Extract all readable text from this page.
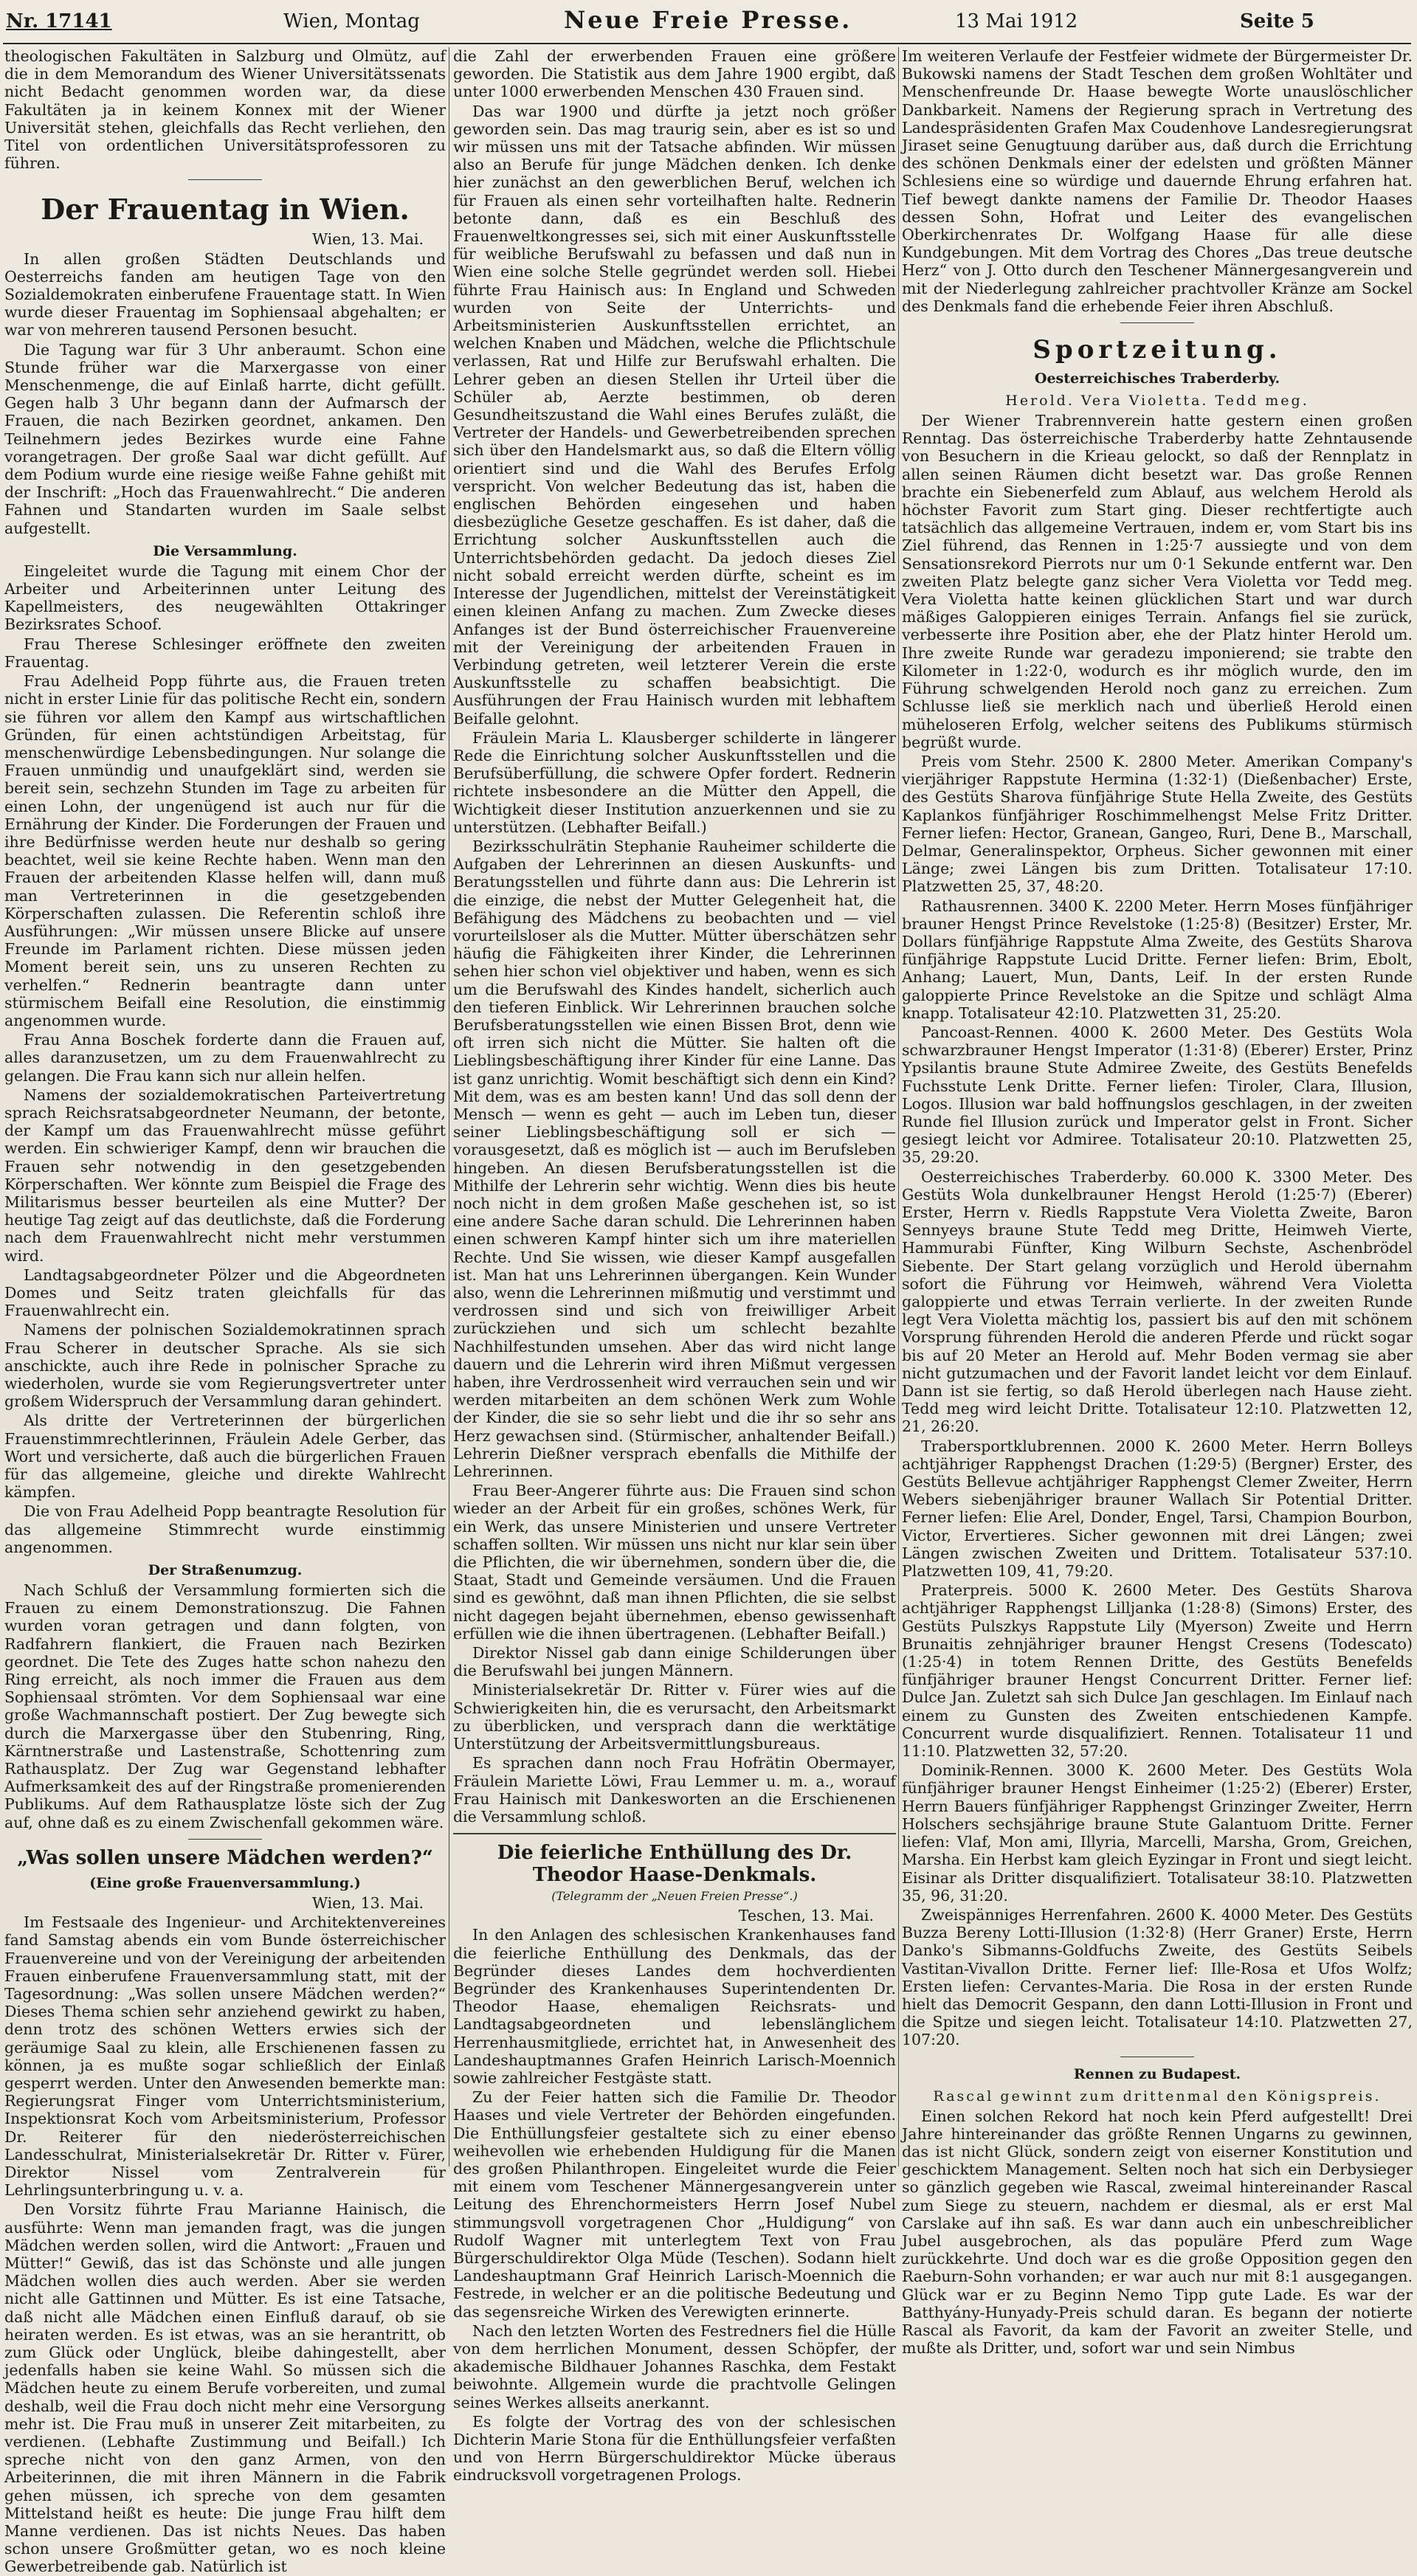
Nr. 17141	Wien, Montag	Neue Freie Presse.	13 Mai 1912	Seite 5

theologischen Fakultäten in Salzburg und Olmütz, auf die in dem Memorandum des Wiener Universitätssenats nicht Bedacht genommen worden war, da diese Fakultäten ja in keinem Konnex mit der Wiener Universität stehen, gleichfalls das Recht verliehen, den Titel von ordentlichen Universitätsprofessoren zu führen.

Der Frauentag in Wien.

Wien, 13. Mai.

In allen großen Städten Deutschlands und Oesterreichs fanden am heutigen Tage von den Sozialdemokraten einberufene Frauentage statt. In Wien wurde dieser Frauentag im Sophiensaal abgehalten; er war von mehreren tausend Personen besucht.

Die Tagung war für 3 Uhr anberaumt. Schon eine Stunde früher war die Marxergasse von einer Menschenmenge, die auf Einlaß harrte, dicht gefüllt. Gegen halb 3 Uhr begann dann der Aufmarsch der Frauen, die nach Bezirken geordnet, ankamen. Den Teilnehmern jedes Bezirkes wurde eine Fahne vorangetragen. Der große Saal war dicht gefüllt. Auf dem Podium wurde eine riesige weiße Fahne gehißt mit der Inschrift: „Hoch das Frauenwahlrecht.“ Die anderen Fahnen und Standarten wurden im Saale selbst aufgestellt.

Die Versammlung.

Eingeleitet wurde die Tagung mit einem Chor der Arbeiter und Arbeiterinnen unter Leitung des Kapellmeisters, des neugewählten Ottakringer Bezirksrates Schoof.

Frau Therese Schlesinger eröffnete den zweiten Frauentag.

Frau Adelheid Popp führte aus, die Frauen treten nicht in erster Linie für das politische Recht ein, sondern sie führen vor allem den Kampf aus wirtschaftlichen Gründen, für einen achtstündigen Arbeitstag, für menschenwürdige Lebensbedingungen. Nur solange die Frauen unmündig und unaufgeklärt sind, werden sie bereit sein, sechzehn Stunden im Tage zu arbeiten für einen Lohn, der ungenügend ist auch nur für die Ernährung der Kinder. Die Forderungen der Frauen und ihre Bedürfnisse werden heute nur deshalb so gering beachtet, weil sie keine Rechte haben. Wenn man den Frauen der arbeitenden Klasse helfen will, dann muß man Vertreterinnen in die gesetzgebenden Körperschaften zulassen. Die Referentin schloß ihre Ausführungen: „Wir müssen unsere Blicke auf unsere Freunde im Parlament richten. Diese müssen jeden Moment bereit sein, uns zu unseren Rechten zu verhelfen.“ Rednerin beantragte dann unter stürmischem Beifall eine Resolution, die einstimmig angenommen wurde.

Frau Anna Boschek forderte dann die Frauen auf, alles daranzusetzen, um zu dem Frauenwahlrecht zu gelangen. Die Frau kann sich nur allein helfen.

Namens der sozialdemokratischen Parteivertretung sprach Reichsratsabgeordneter Neumann, der betonte, der Kampf um das Frauenwahlrecht müsse geführt werden. Ein schwieriger Kampf, denn wir brauchen die Frauen sehr notwendig in den gesetzgebenden Körperschaften. Wer könnte zum Beispiel die Frage des Militarismus besser beurteilen als eine Mutter? Der heutige Tag zeigt auf das deutlichste, daß die Forderung nach dem Frauenwahlrecht nicht mehr verstummen wird.

Landtagsabgeordneter Pölzer und die Abgeordneten Domes und Seitz traten gleichfalls für das Frauenwahlrecht ein.

Namens der polnischen Sozialdemokratinnen sprach Frau Scherer in deutscher Sprache. Als sie sich anschickte, auch ihre Rede in polnischer Sprache zu wiederholen, wurde sie vom Regierungsvertreter unter großem Widerspruch der Versammlung daran gehindert.

Als dritte der Vertreterinnen der bürgerlichen Frauenstimmrechtlerinnen, Fräulein Adele Gerber, das Wort und versicherte, daß auch die bürgerlichen Frauen für das allgemeine, gleiche und direkte Wahlrecht kämpfen.

Die von Frau Adelheid Popp beantragte Resolution für das allgemeine Stimmrecht wurde einstimmig angenommen.

Der Straßenumzug.

Nach Schluß der Versammlung formierten sich die Frauen zu einem Demonstrationszug. Die Fahnen wurden voran getragen und dann folgten, von Radfahrern flankiert, die Frauen nach Bezirken geordnet. Die Tete des Zuges hatte schon nahezu den Ring erreicht, als noch immer die Frauen aus dem Sophiensaal strömten. Vor dem Sophiensaal war eine große Wachmannschaft postiert. Der Zug bewegte sich durch die Marxergasse über den Stubenring, Ring, Kärntnerstraße und Lastenstraße, Schottenring zum Rathausplatz. Der Zug war Gegenstand lebhafter Aufmerksamkeit des auf der Ringstraße promenierenden Publikums. Auf dem Rathausplatze löste sich der Zug auf, ohne daß es zu einem Zwischenfall gekommen wäre.

„Was sollen unsere Mädchen werden?“
(Eine große Frauenversammlung.)

Wien, 13. Mai.

Im Festsaale des Ingenieur- und Architektenvereines fand Samstag abends ein vom Bunde österreichischer Frauenvereine und von der Vereinigung der arbeitenden Frauen einberufene Frauenversammlung statt, mit der Tagesordnung: „Was sollen unsere Mädchen werden?“ Dieses Thema schien sehr anziehend gewirkt zu haben, denn trotz des schönen Wetters erwies sich der geräumige Saal zu klein, alle Erschienenen fassen zu können, ja es mußte sogar schließlich der Einlaß gesperrt werden. Unter den Anwesenden bemerkte man: Regierungsrat Finger vom Unterrichtsministerium, Inspektionsrat Koch vom Arbeitsministerium, Professor Dr. Reiterer für den niederösterreichischen Landesschulrat, Ministerialsekretär Dr. Ritter v. Fürer, Direktor Nissel vom Zentralverein für Lehrlingsunterbringung u. v. a.

Den Vorsitz führte Frau Marianne Hainisch, die ausführte: Wenn man jemanden fragt, was die jungen Mädchen werden sollen, wird die Antwort: „Frauen und Mütter!“ Gewiß, das ist das Schönste und alle jungen Mädchen wollen dies auch werden. Aber sie werden nicht alle Gattinnen und Mütter. Es ist eine Tatsache, daß nicht alle Mädchen einen Einfluß darauf, ob sie heiraten werden. Es ist etwas, was an sie herantritt, ob zum Glück oder Unglück, bleibe dahingestellt, aber jedenfalls haben sie keine Wahl. So müssen sich die Mädchen heute zu einem Berufe vorbereiten, und zumal deshalb, weil die Frau doch nicht mehr eine Versorgung mehr ist. Die Frau muß in unserer Zeit mitarbeiten, zu verdienen. (Lebhafte Zustimmung und Beifall.) Ich spreche nicht von den ganz Armen, von den Arbeiterinnen, die mit ihren Männern in die Fabrik gehen müssen, ich spreche von dem gesamten Mittelstand heißt es heute: Die junge Frau hilft dem Manne verdienen. Das ist nichts Neues. Das haben schon unsere Großmütter getan, wo es noch kleine Gewerbetreibende gab. Natürlich ist

die Zahl der erwerbenden Frauen eine größere geworden. Die Statistik aus dem Jahre 1900 ergibt, daß unter 1000 erwerbenden Menschen 430 Frauen sind.

Das war 1900 und dürfte ja jetzt noch größer geworden sein. Das mag traurig sein, aber es ist so und wir müssen uns mit der Tatsache abfinden. Wir müssen also an Berufe für junge Mädchen denken. Ich denke hier zunächst an den gewerblichen Beruf, welchen ich für Frauen als einen sehr vorteilhaften halte. Rednerin betonte dann, daß es ein Beschluß des Frauenweltkongresses sei, sich mit einer Auskunftsstelle für weibliche Berufswahl zu befassen und daß nun in Wien eine solche Stelle gegründet werden soll. Hiebei führte Frau Hainisch aus: In England und Schweden wurden von Seite der Unterrichts- und Arbeitsministerien Auskunftsstellen errichtet, an welchen Knaben und Mädchen, welche die Pflichtschule verlassen, Rat und Hilfe zur Berufswahl erhalten. Die Lehrer geben an diesen Stellen ihr Urteil über die Schüler ab, Aerzte bestimmen, ob deren Gesundheitszustand die Wahl eines Berufes zuläßt, die Vertreter der Handels- und Gewerbetreibenden sprechen sich über den Handelsmarkt aus, so daß die Eltern völlig orientiert sind und die Wahl des Berufes Erfolg verspricht. Von welcher Bedeutung das ist, haben die englischen Behörden eingesehen und haben diesbezügliche Gesetze geschaffen. Es ist daher, daß die Errichtung solcher Auskunftsstellen auch die Unterrichtsbehörden gedacht. Da jedoch dieses Ziel nicht sobald erreicht werden dürfte, scheint es im Interesse der Jugendlichen, mittelst der Vereinstätigkeit einen kleinen Anfang zu machen. Zum Zwecke dieses Anfanges ist der Bund österreichischer Frauenvereine mit der Vereinigung der arbeitenden Frauen in Verbindung getreten, weil letzterer Verein die erste Auskunftsstelle zu schaffen beabsichtigt. Die Ausführungen der Frau Hainisch wurden mit lebhaftem Beifalle gelohnt.

Fräulein Maria L. Klausberger schilderte in längerer Rede die Einrichtung solcher Auskunftsstellen und die Berufsüberfüllung, die schwere Opfer fordert. Rednerin richtete insbesondere an die Mütter den Appell, die Wichtigkeit dieser Institution anzuerkennen und sie zu unterstützen. (Lebhafter Beifall.)

Bezirksschulrätin Stephanie Rauheimer schilderte die Aufgaben der Lehrerinnen an diesen Auskunfts- und Beratungsstellen und führte dann aus: Die Lehrerin ist die einzige, die nebst der Mutter Gelegenheit hat, die Befähigung des Mädchens zu beobachten und — viel vorurteilsloser als die Mutter. Mütter überschätzen sehr häufig die Fähigkeiten ihrer Kinder, die Lehrerinnen sehen hier schon viel objektiver und haben, wenn es sich um die Berufswahl des Kindes handelt, sicherlich auch den tieferen Einblick. Wir Lehrerinnen brauchen solche Berufsberatungsstellen wie einen Bissen Brot, denn wie oft irren sich nicht die Mütter. Sie halten oft die Lieblingsbeschäftigung ihrer Kinder für eine Lanne. Das ist ganz unrichtig. Womit beschäftigt sich denn ein Kind? Mit dem, was es am besten kann! Und das soll denn der Mensch — wenn es geht — auch im Leben tun, dieser seiner Lieblingsbeschäftigung soll er sich — vorausgesetzt, daß es möglich ist — auch im Berufsleben hingeben. An diesen Berufsberatungsstellen ist die Mithilfe der Lehrerin sehr wichtig. Wenn dies bis heute noch nicht in dem großen Maße geschehen ist, so ist eine andere Sache daran schuld. Die Lehrerinnen haben einen schweren Kampf hinter sich um ihre materiellen Rechte. Und Sie wissen, wie dieser Kampf ausgefallen ist. Man hat uns Lehrerinnen übergangen. Kein Wunder also, wenn die Lehrerinnen mißmutig und verstimmt und verdrossen sind und sich von freiwilliger Arbeit zurückziehen und sich um schlecht bezahlte Nachhilfestunden umsehen. Aber das wird nicht lange dauern und die Lehrerin wird ihren Mißmut vergessen haben, ihre Verdrossenheit wird verrauchen sein und wir werden mitarbeiten an dem schönen Werk zum Wohle der Kinder, die sie so sehr liebt und die ihr so sehr ans Herz gewachsen sind. (Stürmischer, anhaltender Beifall.) Lehrerin Dießner versprach ebenfalls die Mithilfe der Lehrerinnen.

Frau Beer-Angerer führte aus: Die Frauen sind schon wieder an der Arbeit für ein großes, schönes Werk, für ein Werk, das unsere Ministerien und unsere Vertreter schaffen sollten. Wir müssen uns nicht nur klar sein über die Pflichten, die wir übernehmen, sondern über die, die Staat, Stadt und Gemeinde versäumen. Und die Frauen sind es gewöhnt, daß man ihnen Pflichten, die sie selbst nicht dagegen bejaht übernehmen, ebenso gewissenhaft erfüllen wie die ihnen übertragenen. (Lebhafter Beifall.)

Direktor Nissel gab dann einige Schilderungen über die Berufswahl bei jungen Männern.

Ministerialsekretär Dr. Ritter v. Fürer wies auf die Schwierigkeiten hin, die es verursacht, den Arbeitsmarkt zu überblicken, und versprach dann die werktätige Unterstützung der Arbeitsvermittlungsbureaus.

Es sprachen dann noch Frau Hofrätin Obermayer, Fräulein Mariette Löwi, Frau Lemmer u. m. a., worauf Frau Hainisch mit Dankesworten an die Erschienenen die Versammlung schloß.

Die feierliche Enthüllung des Dr. Theodor Haase-Denkmals.
(Telegramm der „Neuen Freien Presse“.)

Teschen, 13. Mai.

In den Anlagen des schlesischen Krankenhauses fand die feierliche Enthüllung des Denkmals, das der Begründer dieses Landes dem hochverdienten Begründer des Krankenhauses Superintendenten Dr. Theodor Haase, ehemaligen Reichsrats- und Landtagsabgeordneten und lebenslänglichem Herrenhausmitgliede, errichtet hat, in Anwesenheit des Landeshauptmannes Grafen Heinrich Larisch-Moennich sowie zahlreicher Festgäste statt.

Zu der Feier hatten sich die Familie Dr. Theodor Haases und viele Vertreter der Behörden eingefunden. Die Enthüllungsfeier gestaltete sich zu einer ebenso weihevollen wie erhebenden Huldigung für die Manen des großen Philanthropen. Eingeleitet wurde die Feier mit einem vom Teschener Männergesangverein unter Leitung des Ehrenchormeisters Herrn Josef Nubel stimmungsvoll vorgetragenen Chor „Huldigung“ von Rudolf Wagner mit unterlegtem Text von Frau Bürgerschuldirektor Olga Müde (Teschen). Sodann hielt Landeshauptmann Graf Heinrich Larisch-Moennich die Festrede, in welcher er an die politische Bedeutung und das segensreiche Wirken des Verewigten erinnerte.

Nach den letzten Worten des Festredners fiel die Hülle von dem herrlichen Monument, dessen Schöpfer, der akademische Bildhauer Johannes Raschka, dem Festakt beiwohnte. Allgemein wurde die prachtvolle Gelingen seines Werkes allseits anerkannt.

Es folgte der Vortrag des von der schlesischen Dichterin Marie Stona für die Enthüllungsfeier verfaßten und von Herrn Bürgerschuldirektor Mücke überaus eindrucksvoll vorgetragenen Prologs.

Im weiteren Verlaufe der Festfeier widmete der Bürgermeister Dr. Bukowski namens der Stadt Teschen dem großen Wohltäter und Menschenfreunde Dr. Haase bewegte Worte unauslöschlicher Dankbarkeit. Namens der Regierung sprach in Vertretung des Landespräsidenten Grafen Max Coudenhove Landesregierungsrat Jiraset seine Genugtuung darüber aus, daß durch die Errichtung des schönen Denkmals einer der edelsten und größten Männer Schlesiens eine so würdige und dauernde Ehrung erfahren hat. Tief bewegt dankte namens der Familie Dr. Theodor Haases dessen Sohn, Hofrat und Leiter des evangelischen Oberkirchenrates Dr. Wolfgang Haase für alle diese Kundgebungen. Mit dem Vortrag des Chores „Das treue deutsche Herz“ von J. Otto durch den Teschener Männergesangverein und mit der Niederlegung zahlreicher prachtvoller Kränze am Sockel des Denkmals fand die erhebende Feier ihren Abschluß.

Sportzeitung.
Oesterreichisches Traberderby.
Herold. Vera Violetta. Tedd meg.

Der Wiener Trabrennverein hatte gestern einen großen Renntag. Das österreichische Traberderby hatte Zehntausende von Besuchern in die Krieau gelockt, so daß der Rennplatz in allen seinen Räumen dicht besetzt war. Das große Rennen brachte ein Siebenerfeld zum Ablauf, aus welchem Herold als höchster Favorit zum Start ging. Dieser rechtfertigte auch tatsächlich das allgemeine Vertrauen, indem er, vom Start bis ins Ziel führend, das Rennen in 1:25·7 aussiegte und von dem Sensationsrekord Pierrots nur um 0·1 Sekunde entfernt war. Den zweiten Platz belegte ganz sicher Vera Violetta vor Tedd meg. Vera Violetta hatte keinen glücklichen Start und war durch mäßiges Galoppieren einiges Terrain. Anfangs fiel sie zurück, verbesserte ihre Position aber, ehe der Platz hinter Herold um. Ihre zweite Runde war geradezu imponierend; sie trabte den Kilometer in 1:22·0, wodurch es ihr möglich wurde, den im Führung schwelgenden Herold noch ganz zu erreichen. Zum Schlusse ließ sie merklich nach und überließ Herold einen müheloseren Erfolg, welcher seitens des Publikums stürmisch begrüßt wurde.

Preis vom Stehr. 2500 K. 2800 Meter. Amerikan Company's vierjähriger Rappstute Hermina (1:32·1) (Dießenbacher) Erste, des Gestüts Sharova fünfjährige Stute Hella Zweite, des Gestüts Kaplankos fünfjähriger Roschimmelhengst Melse Fritz Dritter. Ferner liefen: Hector, Granean, Gangeo, Ruri, Dene B., Marschall, Delmar, Generalinspektor, Orpheus. Sicher gewonnen mit einer Länge; zwei Längen bis zum Dritten. Totalisateur 17:10. Platzwetten 25, 37, 48:20.

Rathausrennen. 3400 K. 2200 Meter. Herrn Moses fünfjähriger brauner Hengst Prince Revelstoke (1:25·8) (Besitzer) Erster, Mr. Dollars fünfjährige Rappstute Alma Zweite, des Gestüts Sharova fünfjährige Rappstute Lucid Dritte. Ferner liefen: Brim, Ebolt, Anhang; Lauert, Mun, Dants, Leif. In der ersten Runde galoppierte Prince Revelstoke an die Spitze und schlägt Alma knapp. Totalisateur 42:10. Platzwetten 31, 25:20.

Pancoast-Rennen. 4000 K. 2600 Meter. Des Gestüts Wola schwarzbrauner Hengst Imperator (1:31·8) (Eberer) Erster, Prinz Ypsilantis braune Stute Admiree Zweite, des Gestüts Benefelds Fuchsstute Lenk Dritte. Ferner liefen: Tiroler, Clara, Illusion, Logos. Illusion war bald hoffnungslos geschlagen, in der zweiten Runde fiel Illusion zurück und Imperator gelst in Front. Sicher gesiegt leicht vor Admiree. Totalisateur 20:10. Platzwetten 25, 35, 29:20.

Oesterreichisches Traberderby. 60.000 K. 3300 Meter. Des Gestüts Wola dunkelbrauner Hengst Herold (1:25·7) (Eberer) Erster, Herrn v. Riedls Rappstute Vera Violetta Zweite, Baron Sennyeys braune Stute Tedd meg Dritte, Heimweh Vierte, Hammurabi Fünfter, King Wilburn Sechste, Aschenbrödel Siebente. Der Start gelang vorzüglich und Herold übernahm sofort die Führung vor Heimweh, während Vera Violetta galoppierte und etwas Terrain verlierte. In der zweiten Runde legt Vera Violetta mächtig los, passiert bis auf den mit schönem Vorsprung führenden Herold die anderen Pferde und rückt sogar bis auf 20 Meter an Herold auf. Mehr Boden vermag sie aber nicht gutzumachen und der Favorit landet leicht vor dem Einlauf. Dann ist sie fertig, so daß Herold überlegen nach Hause zieht. Tedd meg wird leicht Dritte. Totalisateur 12:10. Platzwetten 12, 21, 26:20.

Trabersportklubrennen. 2000 K. 2600 Meter. Herrn Bolleys achtjähriger Rapphengst Drachen (1:29·5) (Bergner) Erster, des Gestüts Bellevue achtjähriger Rapphengst Clemer Zweiter, Herrn Webers siebenjähriger brauner Wallach Sir Potential Dritter. Ferner liefen: Elie Arel, Donder, Engel, Tarsi, Champion Bourbon, Victor, Ervertieres. Sicher gewonnen mit drei Längen; zwei Längen zwischen Zweiten und Drittem. Totalisateur 537:10. Platzwetten 109, 41, 79:20.

Praterpreis. 5000 K. 2600 Meter. Des Gestüts Sharova achtjähriger Rapphengst Lilljanka (1:28·8) (Simons) Erster, des Gestüts Pulszkys Rappstute Lily (Myerson) Zweite und Herrn Brunaitis zehnjähriger brauner Hengst Cresens (Todescato) (1:25·4) in totem Rennen Dritte, des Gestüts Benefelds fünfjähriger brauner Hengst Concurrent Dritter. Ferner lief: Dulce Jan. Zuletzt sah sich Dulce Jan geschlagen. Im Einlauf nach einem zu Gunsten des Zweiten entschiedenen Kampfe. Concurrent wurde disqualifiziert. Rennen. Totalisateur 11 und 11:10. Platzwetten 32, 57:20.

Dominik-Rennen. 3000 K. 2600 Meter. Des Gestüts Wola fünfjähriger brauner Hengst Einheimer (1:25·2) (Eberer) Erster, Herrn Bauers fünfjähriger Rapphengst Grinzinger Zweiter, Herrn Holschers sechsjährige braune Stute Galantuom Dritte. Ferner liefen: Vlaf, Mon ami, Illyria, Marcelli, Marsha, Grom, Greichen, Marsha. Ein Herbst kam gleich Eyzingar in Front und siegt leicht. Eisinar als Dritter disqualifiziert. Totalisateur 38:10. Platzwetten 35, 96, 31:20.

Zweispänniges Herrenfahren. 2600 K. 4000 Meter. Des Gestüts Buzza Bereny Lotti-Illusion (1:32·8) (Herr Graner) Erste, Herrn Danko's Sibmanns-Goldfuchs Zweite, des Gestüts Seibels Vastitan-Vivallon Dritte. Ferner lief: Ille-Rosa et Ufos Wolfz; Ersten liefen: Cervantes-Maria. Die Rosa in der ersten Runde hielt das Democrit Gespann, den dann Lotti-Illusion in Front und die Spitze und siegen leicht. Totalisateur 14:10. Platzwetten 27, 107:20.

Rennen zu Budapest.
Rascal gewinnt zum drittenmal den Königspreis.

Einen solchen Rekord hat noch kein Pferd aufgestellt! Drei Jahre hintereinander das größte Rennen Ungarns zu gewinnen, das ist nicht Glück, sondern zeigt von eiserner Konstitution und geschicktem Management. Selten noch hat sich ein Derbysieger so gänzlich gegeben wie Rascal, zweimal hintereinander Rascal zum Siege zu steuern, nachdem er diesmal, als er erst Mal Carslake auf ihn saß. Es war dann auch ein unbeschreiblicher Jubel ausgebrochen, als das populäre Pferd zum Wage zurückkehrte. Und doch war es die große Opposition gegen den Raeburn-Sohn vorhanden; er war auch nur mit 8:1 ausgegangen. Glück war er zu Beginn Nemo Tipp gute Lade. Es war der Batthyány-Hunyady-Preis schuld daran. Es begann der notierte Rascal als Favorit, da kam der Favorit an zweiter Stelle, und mußte als Dritter, und, sofort war und sein Nimbus
